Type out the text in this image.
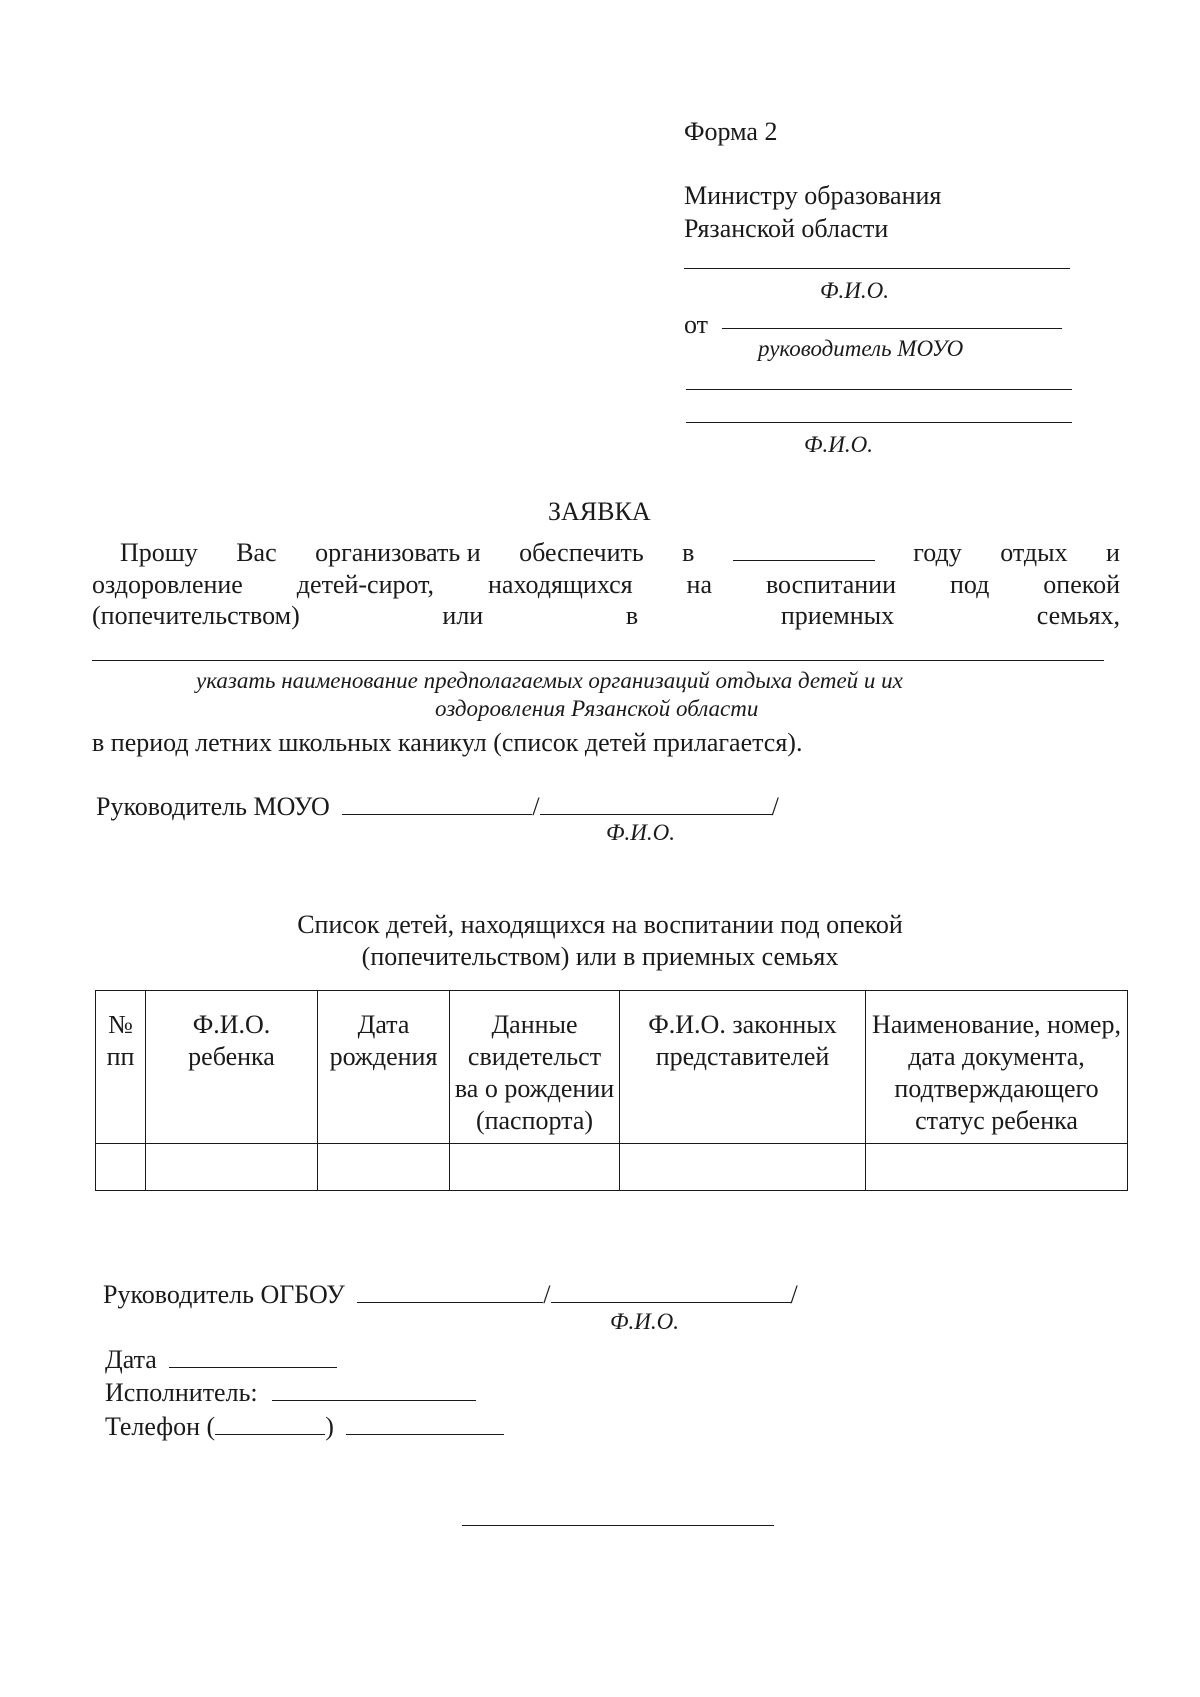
Форма 2
Министру образования
Рязанской области
Ф.И.О.
от
руководитель МОУО
Ф.И.О.
ЗАЯВКА
Прошу Вас организовать и обеспечить в	году отдых и
оздоровление детей-сирот, находящихся на воспитании под опекой
(попечительством)	или	в	приемных	семьях,
указать наименование предполагаемых организаций отдыха детей и их
оздоровления Рязанской области
в период летних школьных каникул (список детей прилагается).
Руководитель МОУО	/	/
Ф.И.О.
Список детей, находящихся на воспитании под опекой
(попечительством) или в приемных семьях
№ пп	Ф.И.О. ребенка	Дата рождения	Данные свидетельст ва о рождении (паспорта)	Ф.И.О. законных представителей	Наименование, номер, дата документа, подтверждающего статус ребенка

Руководитель ОГБОУ	/	/
Ф.И.О.
Дата
Исполнитель:
Телефон (	)
